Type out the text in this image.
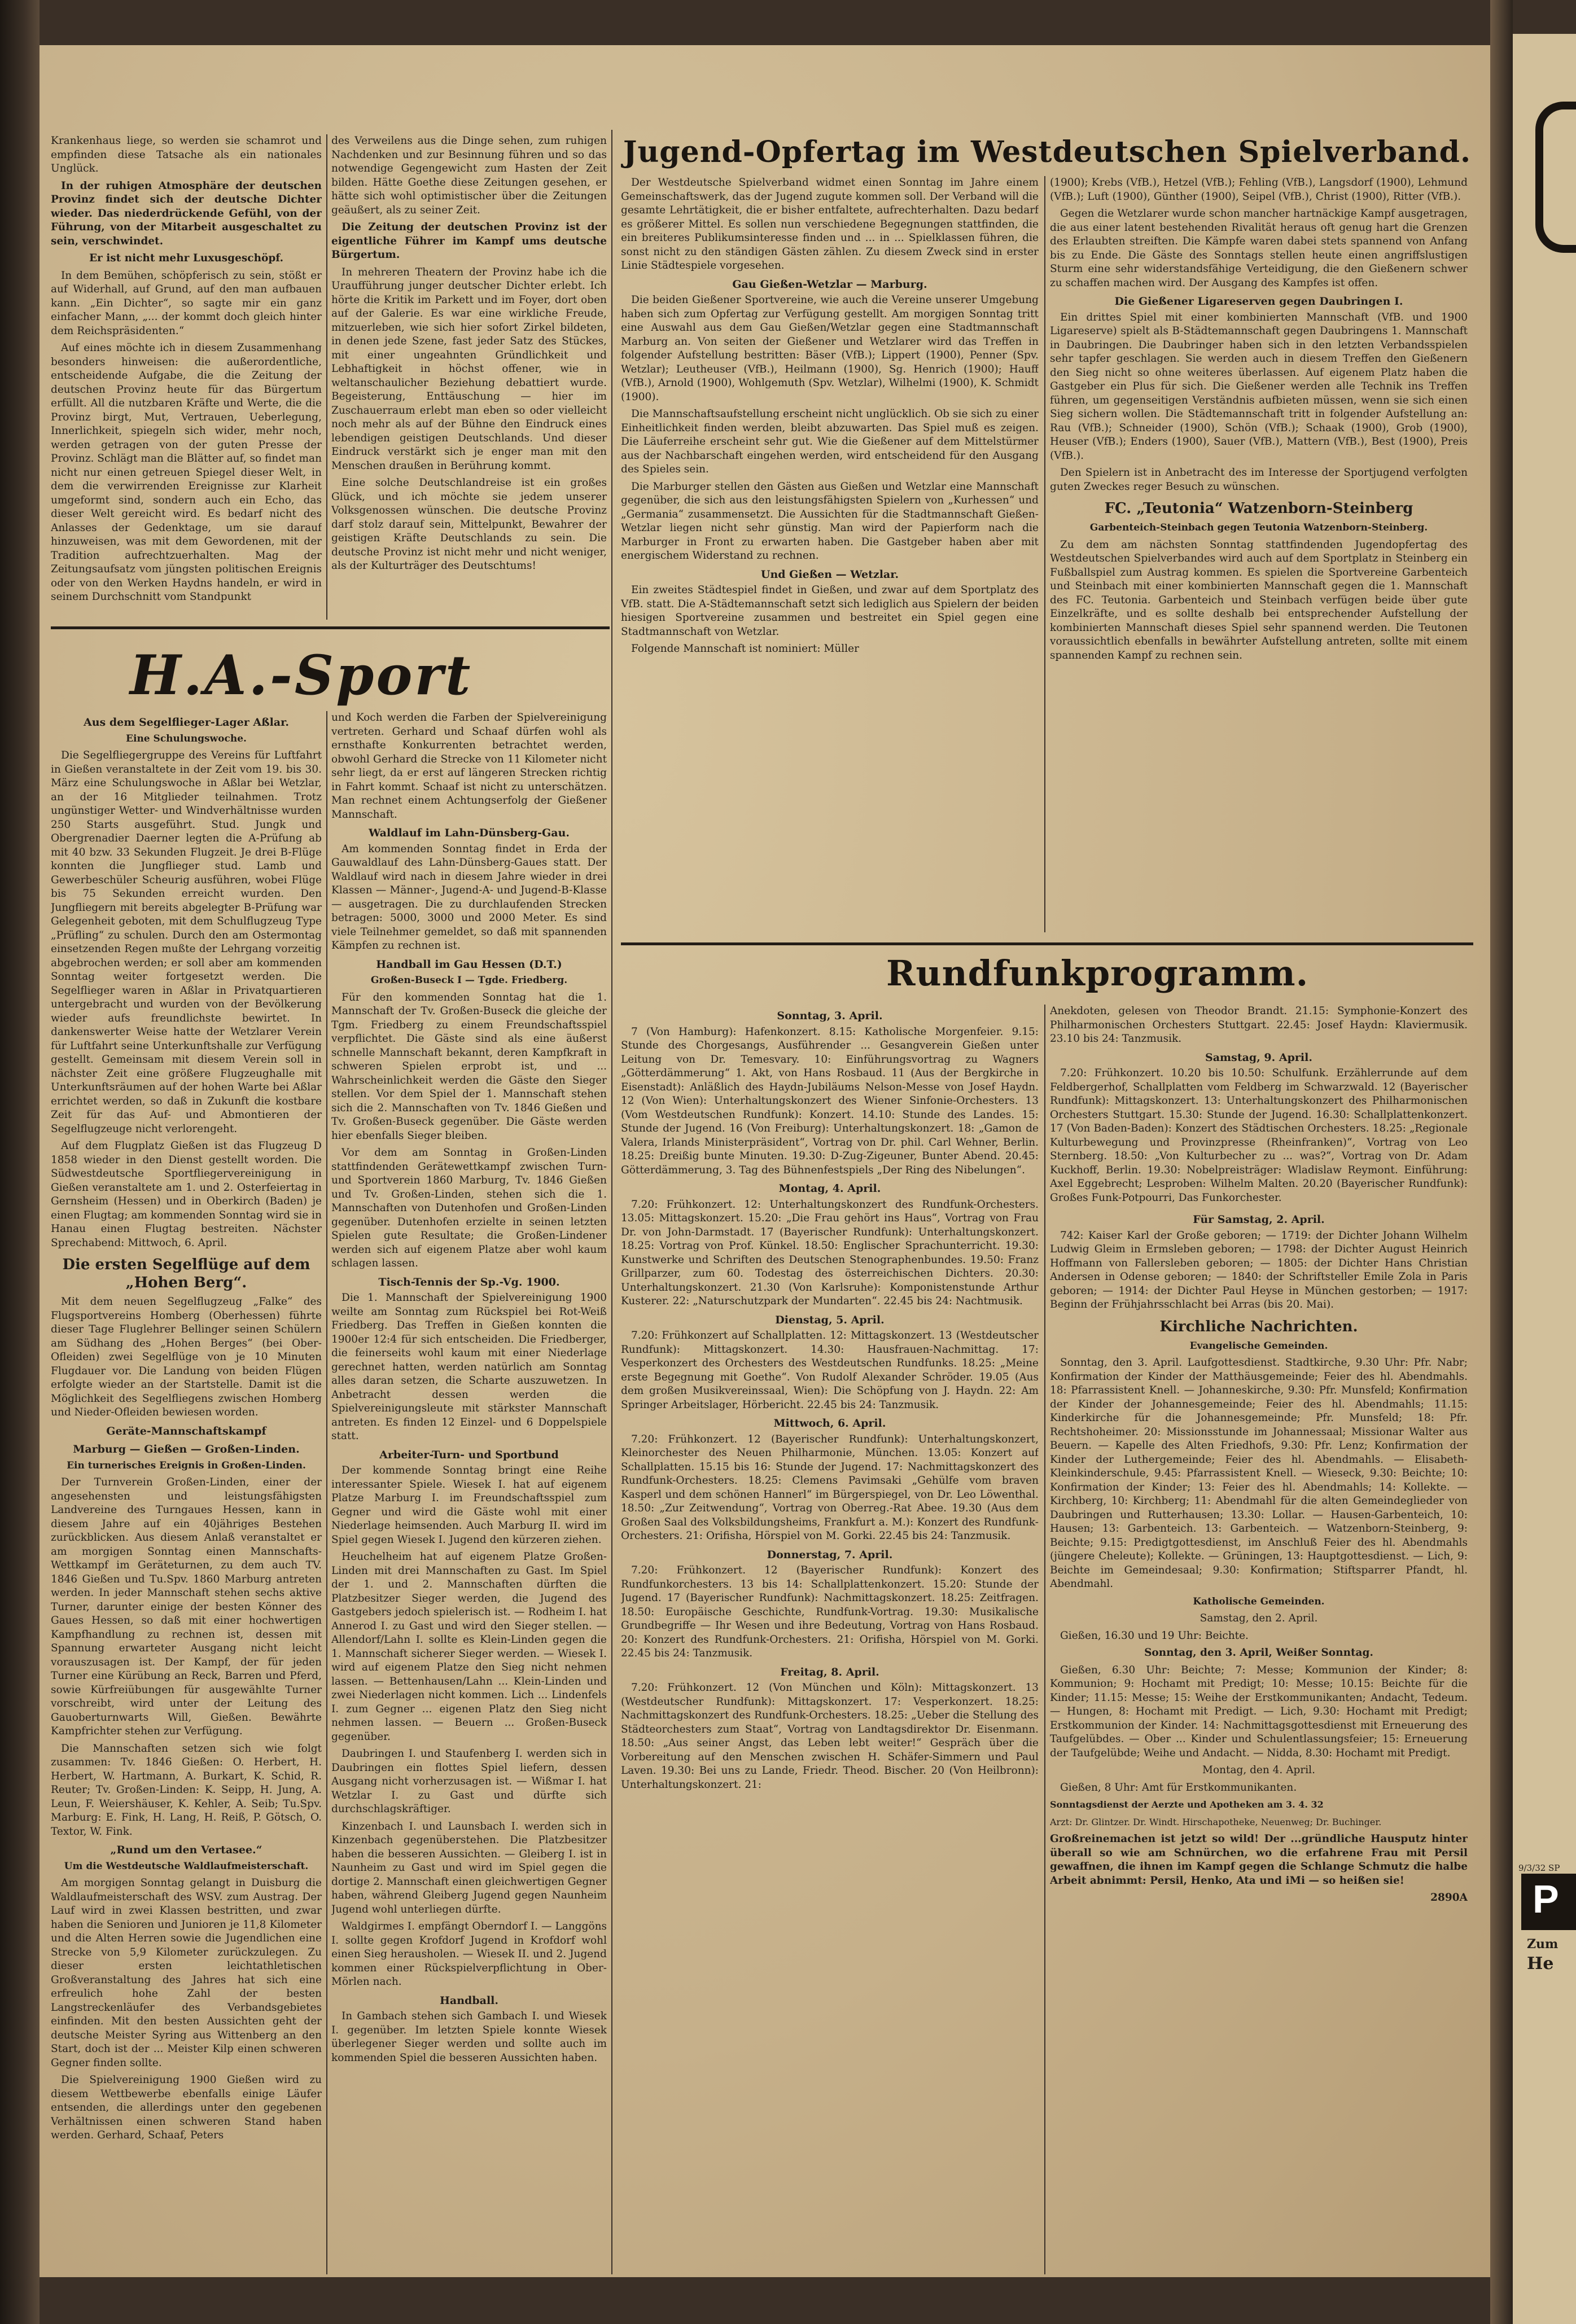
Krankenhaus liege, so werden sie schamrot und empfinden diese Tatsache als ein nationales Unglück.

In der ruhigen Atmosphäre der deutschen Provinz findet sich der deutsche Dichter wieder. Das niederdrückende Gefühl, von der Führung, von der Mitarbeit ausgeschaltet zu sein, verschwindet.

Er ist nicht mehr Luxusgeschöpf.

In dem Bemühen, schöpferisch zu sein, stößt er auf Widerhall, auf Grund, auf den man aufbauen kann. „Ein Dichter“, so sagte mir ein ganz einfacher Mann, „... der kommt doch gleich hinter dem Reichspräsidenten.“

Auf eines möchte ich in diesem Zusammenhang besonders hinweisen: die außerordentliche, entscheidende Aufgabe, die die Zeitung der deutschen Provinz heute für das Bürgertum erfüllt. All die nutzbaren Kräfte und Werte, die die Provinz birgt, Mut, Vertrauen, Ueberlegung, Innerlichkeit, spiegeln sich wider, mehr noch, werden getragen von der guten Presse der Provinz. Schlägt man die Blätter auf, so findet man nicht nur einen getreuen Spiegel dieser Welt, in dem die verwirrenden Ereignisse zur Klarheit umgeformt sind, sondern auch ein Echo, das dieser Welt gereicht wird. Es bedarf nicht des Anlasses der Gedenktage, um sie darauf hinzuweisen, was mit dem Gewordenen, mit der Tradition aufrechtzuerhalten. Mag der Zeitungsaufsatz vom jüngsten politischen Ereignis oder von den Werken Haydns handeln, er wird in seinem Durchschnitt vom Standpunkt

des Verweilens aus die Dinge sehen, zum ruhigen Nachdenken und zur Besinnung führen und so das notwendige Gegengewicht zum Hasten der Zeit bilden. Hätte Goethe diese Zeitungen gesehen, er hätte sich wohl optimistischer über die Zeitungen geäußert, als zu seiner Zeit.

Die Zeitung der deutschen Provinz ist der eigentliche Führer im Kampf ums deutsche Bürgertum.

In mehreren Theatern der Provinz habe ich die Uraufführung junger deutscher Dichter erlebt. Ich hörte die Kritik im Parkett und im Foyer, dort oben auf der Galerie. Es war eine wirkliche Freude, mitzuerleben, wie sich hier sofort Zirkel bildeten, in denen jede Szene, fast jeder Satz des Stückes, mit einer ungeahnten Gründlichkeit und Lebhaftigkeit in höchst offener, wie in weltanschaulicher Beziehung debattiert wurde. Begeisterung, Enttäuschung — hier im Zuschauerraum erlebt man eben so oder vielleicht noch mehr als auf der Bühne den Eindruck eines lebendigen geistigen Deutschlands. Und dieser Eindruck verstärkt sich je enger man mit den Menschen draußen in Berührung kommt.

Eine solche Deutschlandreise ist ein großes Glück, und ich möchte sie jedem unserer Volksgenossen wünschen. Die deutsche Provinz darf stolz darauf sein, Mittelpunkt, Bewahrer der geistigen Kräfte Deutschlands zu sein. Die deutsche Provinz ist nicht mehr und nicht weniger, als der Kulturträger des Deutschtums!

Jugend-Opfertag im Westdeutschen Spielverband.

Der Westdeutsche Spielverband widmet einen Sonntag im Jahre einem Gemeinschaftswerk, das der Jugend zugute kommen soll. Der Verband will die gesamte Lehrtätigkeit, die er bisher entfaltete, aufrechterhalten. Dazu bedarf es größerer Mittel. Es sollen nun verschiedene Begegnungen stattfinden, die ein breiteres Publikumsinteresse finden und ... in ... Spielklassen führen, die sonst nicht zu den ständigen Gästen zählen. Zu diesem Zweck sind in erster Linie Städtespiele vorgesehen.

Gau Gießen-Wetzlar — Marburg.

Die beiden Gießener Sportvereine, wie auch die Vereine unserer Umgebung haben sich zum Opfertag zur Verfügung gestellt. Am morgigen Sonntag tritt eine Auswahl aus dem Gau Gießen/Wetzlar gegen eine Stadtmannschaft Marburg an. Von seiten der Gießener und Wetzlarer wird das Treffen in folgender Aufstellung bestritten: Bäser (VfB.); Lippert (1900), Penner (Spv. Wetzlar); Leutheuser (VfB.), Heilmann (1900), Sg. Henrich (1900); Hauff (VfB.), Arnold (1900), Wohlgemuth (Spv. Wetzlar), Wilhelmi (1900), K. Schmidt (1900).

Die Mannschaftsaufstellung erscheint nicht unglücklich. Ob sie sich zu einer Einheitlichkeit finden werden, bleibt abzuwarten. Das Spiel muß es zeigen. Die Läuferreihe erscheint sehr gut. Wie die Gießener auf dem Mittelstürmer aus der Nachbarschaft eingehen werden, wird entscheidend für den Ausgang des Spieles sein.

Die Marburger stellen den Gästen aus Gießen und Wetzlar eine Mannschaft gegenüber, die sich aus den leistungsfähigsten Spielern von „Kurhessen“ und „Germania“ zusammensetzt. Die Aussichten für die Stadtmannschaft Gießen-Wetzlar liegen nicht sehr günstig. Man wird der Papierform nach die Marburger in Front zu erwarten haben. Die Gastgeber haben aber mit energischem Widerstand zu rechnen.

Und Gießen — Wetzlar.

Ein zweites Städtespiel findet in Gießen, und zwar auf dem Sportplatz des VfB. statt. Die A-Städtemannschaft setzt sich lediglich aus Spielern der beiden hiesigen Sportvereine zusammen und bestreitet ein Spiel gegen eine Stadtmannschaft von Wetzlar.

Folgende Mannschaft ist nominiert: Müller

(1900); Krebs (VfB.), Hetzel (VfB.); Fehling (VfB.), Langsdorf (1900), Lehmund (VfB.); Luft (1900), Günther (1900), Seipel (VfB.), Christ (1900), Ritter (VfB.).

Gegen die Wetzlarer wurde schon mancher hartnäckige Kampf ausgetragen, die aus einer latent bestehenden Rivalität heraus oft genug hart die Grenzen des Erlaubten streiften. Die Kämpfe waren dabei stets spannend von Anfang bis zu Ende. Die Gäste des Sonntags stellen heute einen angriffslustigen Sturm eine sehr widerstandsfähige Verteidigung, die den Gießenern schwer zu schaffen machen wird. Der Ausgang des Kampfes ist offen.

Die Gießener Ligareserven gegen Daubringen I.

Ein drittes Spiel mit einer kombinierten Mannschaft (VfB. und 1900 Ligareserve) spielt als B-Städtemannschaft gegen Daubringens 1. Mannschaft in Daubringen. Die Daubringer haben sich in den letzten Verbandsspielen sehr tapfer geschlagen. Sie werden auch in diesem Treffen den Gießenern den Sieg nicht so ohne weiteres überlassen. Auf eigenem Platz haben die Gastgeber ein Plus für sich. Die Gießener werden alle Technik ins Treffen führen, um gegenseitigen Verständnis aufbieten müssen, wenn sie sich einen Sieg sichern wollen. Die Städtemannschaft tritt in folgender Aufstellung an: Rau (VfB.); Schneider (1900), Schön (VfB.); Schaak (1900), Grob (1900), Heuser (VfB.); Enders (1900), Sauer (VfB.), Mattern (VfB.), Best (1900), Preis (VfB.).

Den Spielern ist in Anbetracht des im Interesse der Sportjugend verfolgten guten Zweckes reger Besuch zu wünschen.

FC. „Teutonia“ Watzenborn-Steinberg

Garbenteich-Steinbach gegen Teutonia Watzenborn-Steinberg.

Zu dem am nächsten Sonntag stattfindenden Jugendopfertag des Westdeutschen Spielverbandes wird auch auf dem Sportplatz in Steinberg ein Fußballspiel zum Austrag kommen. Es spielen die Sportvereine Garbenteich und Steinbach mit einer kombinierten Mannschaft gegen die 1. Mannschaft des FC. Teutonia. Garbenteich und Steinbach verfügen beide über gute Einzelkräfte, und es sollte deshalb bei entsprechender Aufstellung der kombinierten Mannschaft dieses Spiel sehr spannend werden. Die Teutonen voraussichtlich ebenfalls in bewährter Aufstellung antreten, sollte mit einem spannenden Kampf zu rechnen sein.

H.A.-Sport

Aus dem Segelflieger-Lager Aßlar.

Eine Schulungswoche.

Die Segelfliegergruppe des Vereins für Luftfahrt in Gießen veranstaltete in der Zeit vom 19. bis 30. März eine Schulungswoche in Aßlar bei Wetzlar, an der 16 Mitglieder teilnahmen. Trotz ungünstiger Wetter- und Windverhältnisse wurden 250 Starts ausgeführt. Stud. Jungk und Obergrenadier Daerner legten die A-Prüfung ab mit 40 bzw. 33 Sekunden Flugzeit. Je drei B-Flüge konnten die Jungflieger stud. Lamb und Gewerbeschüler Scheurig ausführen, wobei Flüge bis 75 Sekunden erreicht wurden. Den Jungfliegern mit bereits abgelegter B-Prüfung war Gelegenheit geboten, mit dem Schulflugzeug Type „Prüfling“ zu schulen. Durch den am Ostermontag einsetzenden Regen mußte der Lehrgang vorzeitig abgebrochen werden; er soll aber am kommenden Sonntag weiter fortgesetzt werden. Die Segelflieger waren in Aßlar in Privatquartieren untergebracht und wurden von der Bevölkerung wieder aufs freundlichste bewirtet. In dankenswerter Weise hatte der Wetzlarer Verein für Luftfahrt seine Unterkunftshalle zur Verfügung gestellt. Gemeinsam mit diesem Verein soll in nächster Zeit eine größere Flugzeughalle mit Unterkunftsräumen auf der hohen Warte bei Aßlar errichtet werden, so daß in Zukunft die kostbare Zeit für das Auf- und Abmontieren der Segelflugzeuge nicht verlorengeht.

Auf dem Flugplatz Gießen ist das Flugzeug D 1858 wieder in den Dienst gestellt worden. Die Südwestdeutsche Sportfliegervereinigung in Gießen veranstaltete am 1. und 2. Osterfeiertag in Gernsheim (Hessen) und in Oberkirch (Baden) je einen Flugtag; am kommenden Sonntag wird sie in Hanau einen Flugtag bestreiten. Nächster Sprechabend: Mittwoch, 6. April.

Die ersten Segelflüge auf dem „Hohen Berg“.

Mit dem neuen Segelflugzeug „Falke“ des Flugsportvereins Homberg (Oberhessen) führte dieser Tage Fluglehrer Bellinger seinen Schülern am Südhang des „Hohen Berges“ (bei Ober-Ofleiden) zwei Segelflüge von je 10 Minuten Flugdauer vor. Die Landung von beiden Flügen erfolgte wieder an der Startstelle. Damit ist die Möglichkeit des Segelfliegens zwischen Homberg und Nieder-Ofleiden bewiesen worden.

Geräte-Mannschaftskampf

Marburg — Gießen — Großen-Linden.

Ein turnerisches Ereignis in Großen-Linden.

Der Turnverein Großen-Linden, einer der angesehensten und leistungsfähigsten Landvereine des Turngaues Hessen, kann in diesem Jahre auf ein 40jähriges Bestehen zurückblicken. Aus diesem Anlaß veranstaltet er am morgigen Sonntag einen Mannschafts-Wettkampf im Geräteturnen, zu dem auch TV. 1846 Gießen und Tu.Spv. 1860 Marburg antreten werden. In jeder Mannschaft stehen sechs aktive Turner, darunter einige der besten Könner des Gaues Hessen, so daß mit einer hochwertigen Kampfhandlung zu rechnen ist, dessen mit Spannung erwarteter Ausgang nicht leicht vorauszusagen ist. Der Kampf, der für jeden Turner eine Kürübung an Reck, Barren und Pferd, sowie Kürfreiübungen für ausgewählte Turner vorschreibt, wird unter der Leitung des Gauoberturnwarts Will, Gießen. Bewährte Kampfrichter stehen zur Verfügung.

Die Mannschaften setzen sich wie folgt zusammen: Tv. 1846 Gießen: O. Herbert, H. Herbert, W. Hartmann, A. Burkart, K. Schid, R. Reuter; Tv. Großen-Linden: K. Seipp, H. Jung, A. Leun, F. Weiershäuser, K. Kehler, A. Seib; Tu.Spv. Marburg: E. Fink, H. Lang, H. Reiß, P. Götsch, O. Textor, W. Fink.

„Rund um den Vertasee.“

Um die Westdeutsche Waldlaufmeisterschaft.

Am morgigen Sonntag gelangt in Duisburg die Waldlaufmeisterschaft des WSV. zum Austrag. Der Lauf wird in zwei Klassen bestritten, und zwar haben die Senioren und Junioren je 11,8 Kilometer und die Alten Herren sowie die Jugendlichen eine Strecke von 5,9 Kilometer zurückzulegen. Zu dieser ersten leichtathletischen Großveranstaltung des Jahres hat sich eine erfreulich hohe Zahl der besten Langstreckenläufer des Verbandsgebietes einfinden. Mit den besten Aussichten geht der deutsche Meister Syring aus Wittenberg an den Start, doch ist der ... Meister Kilp einen schweren Gegner finden sollte.

Die Spielvereinigung 1900 Gießen wird zu diesem Wettbewerbe ebenfalls einige Läufer entsenden, die allerdings unter den gegebenen Verhältnissen einen schweren Stand haben werden. Gerhard, Schaaf, Peters

und Koch werden die Farben der Spielvereinigung vertreten. Gerhard und Schaaf dürfen wohl als ernsthafte Konkurrenten betrachtet werden, obwohl Gerhard die Strecke von 11 Kilometer nicht sehr liegt, da er erst auf längeren Strecken richtig in Fahrt kommt. Schaaf ist nicht zu unterschätzen. Man rechnet einem Achtungserfolg der Gießener Mannschaft.

Waldlauf im Lahn-Dünsberg-Gau.

Am kommenden Sonntag findet in Erda der Gauwaldlauf des Lahn-Dünsberg-Gaues statt. Der Waldlauf wird nach in diesem Jahre wieder in drei Klassen — Männer-, Jugend-A- und Jugend-B-Klasse — ausgetragen. Die zu durchlaufenden Strecken betragen: 5000, 3000 und 2000 Meter. Es sind viele Teilnehmer gemeldet, so daß mit spannenden Kämpfen zu rechnen ist.

Handball im Gau Hessen (D.T.)

Großen-Buseck I — Tgde. Friedberg.

Für den kommenden Sonntag hat die 1. Mannschaft der Tv. Großen-Buseck die gleiche der Tgm. Friedberg zu einem Freundschaftsspiel verpflichtet. Die Gäste sind als eine äußerst schnelle Mannschaft bekannt, deren Kampfkraft in schweren Spielen erprobt ist, und ... Wahrscheinlichkeit werden die Gäste den Sieger stellen. Vor dem Spiel der 1. Mannschaft stehen sich die 2. Mannschaften von Tv. 1846 Gießen und Tv. Großen-Buseck gegenüber. Die Gäste werden hier ebenfalls Sieger bleiben.

Vor dem am Sonntag in Großen-Linden stattfindenden Gerätewettkampf zwischen Turn- und Sportverein 1860 Marburg, Tv. 1846 Gießen und Tv. Großen-Linden, stehen sich die 1. Mannschaften von Dutenhofen und Großen-Linden gegenüber. Dutenhofen erzielte in seinen letzten Spielen gute Resultate; die Großen-Lindener werden sich auf eigenem Platze aber wohl kaum schlagen lassen.

Tisch-Tennis der Sp.-Vg. 1900.

Die 1. Mannschaft der Spielvereinigung 1900 weilte am Sonntag zum Rückspiel bei Rot-Weiß Friedberg. Das Treffen in Gießen konnten die 1900er 12:4 für sich entscheiden. Die Friedberger, die feinerseits wohl kaum mit einer Niederlage gerechnet hatten, werden natürlich am Sonntag alles daran setzen, die Scharte auszuwetzen. In Anbetracht dessen werden die Spielvereinigungsleute mit stärkster Mannschaft antreten. Es finden 12 Einzel- und 6 Doppelspiele statt.

Arbeiter-Turn- und Sportbund

Der kommende Sonntag bringt eine Reihe interessanter Spiele. Wiesek I. hat auf eigenem Platze Marburg I. im Freundschaftsspiel zum Gegner und wird die Gäste wohl mit einer Niederlage heimsenden. Auch Marburg II. wird im Spiel gegen Wiesek I. Jugend den kürzeren ziehen.

Heuchelheim hat auf eigenem Platze Großen-Linden mit drei Mannschaften zu Gast. Im Spiel der 1. und 2. Mannschaften dürften die Platzbesitzer Sieger werden, die Jugend des Gastgebers jedoch spielerisch ist. — Rodheim I. hat Annerod I. zu Gast und wird den Sieger stellen. — Allendorf/Lahn I. sollte es Klein-Linden gegen die 1. Mannschaft sicherer Sieger werden. — Wiesek I. wird auf eigenem Platze den Sieg nicht nehmen lassen. — Bettenhausen/Lahn ... Klein-Linden und zwei Niederlagen nicht kommen. Lich ... Lindenfels I. zum Gegner ... eigenen Platz den Sieg nicht nehmen lassen. — Beuern ... Großen-Buseck gegenüber.

Daubringen I. und Staufenberg I. werden sich in Daubringen ein flottes Spiel liefern, dessen Ausgang nicht vorherzusagen ist. — Wißmar I. hat Wetzlar I. zu Gast und dürfte sich durchschlagskräftiger.

Kinzenbach I. und Launsbach I. werden sich in Kinzenbach gegenüberstehen. Die Platzbesitzer haben die besseren Aussichten. — Gleiberg I. ist in Naunheim zu Gast und wird im Spiel gegen die dortige 2. Mannschaft einen gleichwertigen Gegner haben, während Gleiberg Jugend gegen Naunheim Jugend wohl unterliegen dürfte.

Waldgirmes I. empfängt Oberndorf I. — Langgöns I. sollte gegen Krofdorf Jugend in Krofdorf wohl einen Sieg herausholen. — Wiesek II. und 2. Jugend kommen einer Rückspielverpflichtung in Ober-Mörlen nach.

Handball.

In Gambach stehen sich Gambach I. und Wiesek I. gegenüber. Im letzten Spiele konnte Wiesek überlegener Sieger werden und sollte auch im kommenden Spiel die besseren Aussichten haben.

Rundfunkprogramm.

Sonntag, 3. April.

7 (Von Hamburg): Hafenkonzert. 8.15: Katholische Morgenfeier. 9.15: Stunde des Chorgesangs, Ausführender ... Gesangverein Gießen unter Leitung von Dr. Temesvary. 10: Einführungsvortrag zu Wagners „Götterdämmerung“ 1. Akt, von Hans Rosbaud. 11 (Aus der Bergkirche in Eisenstadt): Anläßlich des Haydn-Jubiläums Nelson-Messe von Josef Haydn. 12 (Von Wien): Unterhaltungskonzert des Wiener Sinfonie-Orchesters. 13 (Vom Westdeutschen Rundfunk): Konzert. 14.10: Stunde des Landes. 15: Stunde der Jugend. 16 (Von Freiburg): Unterhaltungskonzert. 18: „Gamon de Valera, Irlands Ministerpräsident“, Vortrag von Dr. phil. Carl Wehner, Berlin. 18.25: Dreißig bunte Minuten. 19.30: D-Zug-Zigeuner, Bunter Abend. 20.45: Götterdämmerung, 3. Tag des Bühnenfestspiels „Der Ring des Nibelungen“.

Montag, 4. April.

7.20: Frühkonzert. 12: Unterhaltungskonzert des Rundfunk-Orchesters. 13.05: Mittagskonzert. 15.20: „Die Frau gehört ins Haus“, Vortrag von Frau Dr. von John-Darmstadt. 17 (Bayerischer Rundfunk): Unterhaltungskonzert. 18.25: Vortrag von Prof. Künkel. 18.50: Englischer Sprachunterricht. 19.30: Kunstwerke und Schriften des Deutschen Stenographenbundes. 19.50: Franz Grillparzer, zum 60. Todestag des österreichischen Dichters. 20.30: Unterhaltungskonzert. 21.30 (Von Karlsruhe): Komponistenstunde Arthur Kusterer. 22: „Naturschutzpark der Mundarten“. 22.45 bis 24: Nachtmusik.

Dienstag, 5. April.

7.20: Frühkonzert auf Schallplatten. 12: Mittagskonzert. 13 (Westdeutscher Rundfunk): Mittagskonzert. 14.30: Hausfrauen-Nachmittag. 17: Vesperkonzert des Orchesters des Westdeutschen Rundfunks. 18.25: „Meine erste Begegnung mit Goethe“. Von Rudolf Alexander Schröder. 19.05 (Aus dem großen Musikvereinssaal, Wien): Die Schöpfung von J. Haydn. 22: Am Springer Arbeitslager, Hörbericht. 22.45 bis 24: Tanzmusik.

Mittwoch, 6. April.

7.20: Frühkonzert. 12 (Bayerischer Rundfunk): Unterhaltungskonzert, Kleinorchester des Neuen Philharmonie, München. 13.05: Konzert auf Schallplatten. 15.15 bis 16: Stunde der Jugend. 17: Nachmittagskonzert des Rundfunk-Orchesters. 18.25: Clemens Pavimsaki „Gehülfe vom braven Kasperl und dem schönen Hannerl“ im Bürgerspiegel, von Dr. Leo Löwenthal. 18.50: „Zur Zeitwendung“, Vortrag von Oberreg.-Rat Abee. 19.30 (Aus dem Großen Saal des Volksbildungsheims, Frankfurt a. M.): Konzert des Rundfunk-Orchesters. 21: Orifisha, Hörspiel von M. Gorki. 22.45 bis 24: Tanzmusik.

Donnerstag, 7. April.

7.20: Frühkonzert. 12 (Bayerischer Rundfunk): Konzert des Rundfunkorchesters. 13 bis 14: Schallplattenkonzert. 15.20: Stunde der Jugend. 17 (Bayerischer Rundfunk): Nachmittagskonzert. 18.25: Zeitfragen. 18.50: Europäische Geschichte, Rundfunk-Vortrag. 19.30: Musikalische Grundbegriffe — Ihr Wesen und ihre Bedeutung, Vortrag von Hans Rosbaud. 20: Konzert des Rundfunk-Orchesters. 21: Orifisha, Hörspiel von M. Gorki. 22.45 bis 24: Tanzmusik.

Freitag, 8. April.

7.20: Frühkonzert. 12 (Von München und Köln): Mittagskonzert. 13 (Westdeutscher Rundfunk): Mittagskonzert. 17: Vesperkonzert. 18.25: Nachmittagskonzert des Rundfunk-Orchesters. 18.25: „Ueber die Stellung des Städteorchesters zum Staat“, Vortrag von Landtagsdirektor Dr. Eisenmann. 18.50: „Aus seiner Angst, das Leben lebt weiter!“ Gespräch über die Vorbereitung auf den Menschen zwischen H. Schäfer-Simmern und Paul Laven. 19.30: Bei uns zu Lande, Friedr. Theod. Bischer. 20 (Von Heilbronn): Unterhaltungskonzert. 21:

Anekdoten, gelesen von Theodor Brandt. 21.15: Symphonie-Konzert des Philharmonischen Orchesters Stuttgart. 22.45: Josef Haydn: Klaviermusik. 23.10 bis 24: Tanzmusik.

Samstag, 9. April.

7.20: Frühkonzert. 10.20 bis 10.50: Schulfunk. Erzählerrunde auf dem Feldbergerhof, Schallplatten vom Feldberg im Schwarzwald. 12 (Bayerischer Rundfunk): Mittagskonzert. 13: Unterhaltungskonzert des Philharmonischen Orchesters Stuttgart. 15.30: Stunde der Jugend. 16.30: Schallplattenkonzert. 17 (Von Baden-Baden): Konzert des Städtischen Orchesters. 18.25: „Regionale Kulturbewegung und Provinzpresse (Rheinfranken)“, Vortrag von Leo Sternberg. 18.50: „Von Kulturbecher zu ... was?“, Vortrag von Dr. Adam Kuckhoff, Berlin. 19.30: Nobelpreisträger: Wladislaw Reymont. Einführung: Axel Eggebrecht; Lesproben: Wilhelm Malten. 20.20 (Bayerischer Rundfunk): Großes Funk-Potpourri, Das Funkorchester.

Für Samstag, 2. April.

742: Kaiser Karl der Große geboren; — 1719: der Dichter Johann Wilhelm Ludwig Gleim in Ermsleben geboren; — 1798: der Dichter August Heinrich Hoffmann von Fallersleben geboren; — 1805: der Dichter Hans Christian Andersen in Odense geboren; — 1840: der Schriftsteller Emile Zola in Paris geboren; — 1914: der Dichter Paul Heyse in München gestorben; — 1917: Beginn der Frühjahrsschlacht bei Arras (bis 20. Mai).

Kirchliche Nachrichten.

Evangelische Gemeinden.

Sonntag, den 3. April. Laufgottesdienst. Stadtkirche, 9.30 Uhr: Pfr. Nabr; Konfirmation der Kinder der Matthäusgemeinde; Feier des hl. Abendmahls. 18: Pfarrassistent Knell. — Johanneskirche, 9.30: Pfr. Munsfeld; Konfirmation der Kinder der Johannesgemeinde; Feier des hl. Abendmahls; 11.15: Kinderkirche für die Johannesgemeinde; Pfr. Munsfeld; 18: Pfr. Rechtshoheimer. 20: Missionsstunde im Johannessaal; Missionar Walter aus Beuern. — Kapelle des Alten Friedhofs, 9.30: Pfr. Lenz; Konfirmation der Kinder der Luthergemeinde; Feier des hl. Abendmahls. — Elisabeth-Kleinkinderschule, 9.45: Pfarrassistent Knell. — Wieseck, 9.30: Beichte; 10: Konfirmation der Kinder; 13: Feier des hl. Abendmahls; 14: Kollekte. — Kirchberg, 10: Kirchberg; 11: Abendmahl für die alten Gemeindeglieder von Daubringen und Rutterhausen; 13.30: Lollar. — Hausen-Garbenteich, 10: Hausen; 13: Garbenteich. 13: Garbenteich. — Watzenborn-Steinberg, 9: Beichte; 9.15: Predigtgottesdienst, im Anschluß Feier des hl. Abendmahls (jüngere Cheleute); Kollekte. — Grüningen, 13: Hauptgottesdienst. — Lich, 9: Beichte im Gemeindesaal; 9.30: Konfirmation; Stiftsparrer Pfandt, hl. Abendmahl.

Katholische Gemeinden.

Samstag, den 2. April.

Gießen, 16.30 und 19 Uhr: Beichte.

Sonntag, den 3. April, Weißer Sonntag.

Gießen, 6.30 Uhr: Beichte; 7: Messe; Kommunion der Kinder; 8: Kommunion; 9: Hochamt mit Predigt; 10: Messe; 10.15: Beichte für die Kinder; 11.15: Messe; 15: Weihe der Erstkommunikanten; Andacht, Tedeum. — Hungen, 8: Hochamt mit Predigt. — Lich, 9.30: Hochamt mit Predigt; Erstkommunion der Kinder. 14: Nachmittagsgottesdienst mit Erneuerung des Taufgelübdes. — Ober ... Kinder und Schulentlassungsfeier; 15: Erneuerung der Taufgelübde; Weihe und Andacht. — Nidda, 8.30: Hochamt mit Predigt.

Montag, den 4. April.

Gießen, 8 Uhr: Amt für Erstkommunikanten.

Sonntagsdienst der Aerzte und Apotheken am 3. 4. 32

Arzt: Dr. Glintzer. Dr. Windt. Hirschapotheke, Neuenweg; Dr. Buchinger.

Großreinemachen ist jetzt so wild! Der ...gründliche Hausputz hinter überall so wie am Schnürchen, wo die erfahrene Frau mit Persil gewaffnen, die ihnen im Kampf gegen die Schlange Schmutz die halbe Arbeit abnimmt: Persil, Henko, Ata und iMi — so heißen sie!

2890A

9/3/32 SP
P
Zum
He
